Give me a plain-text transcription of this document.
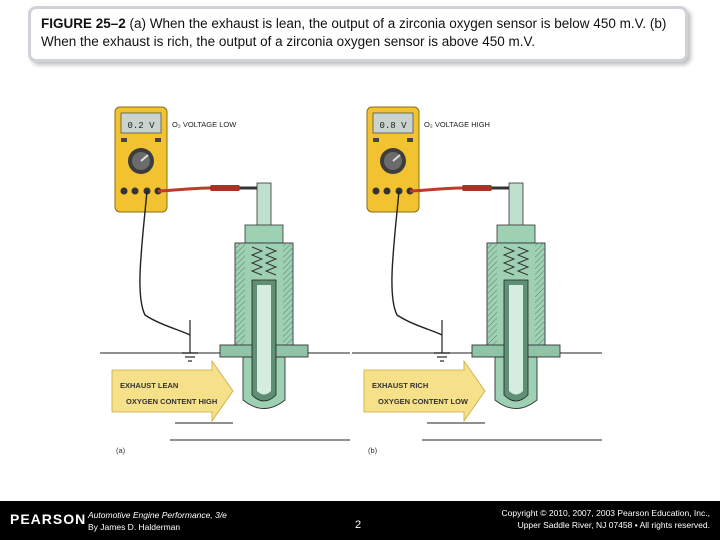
FIGURE 25–2 (a) When the exhaust is lean, the output of a zirconia oxygen sensor is below 450 m.V. (b) When the exhaust is rich, the output of a zirconia oxygen sensor is above 450 m.V.
0.2 V O₂ VOLTAGE LOW
EXHAUST LEAN
OXYGEN CONTENT HIGH
(a)
0.8 V O₂ VOLTAGE HIGH
EXHAUST RICH
OXYGEN CONTENT LOW
(b)
PEARSON Automotive Engine Performance, 3/e
By James D. Halderman	2
Copyright © 2010, 2007, 2003 Pearson Education, Inc.,
Upper Saddle River, NJ 07458 • All rights reserved.
